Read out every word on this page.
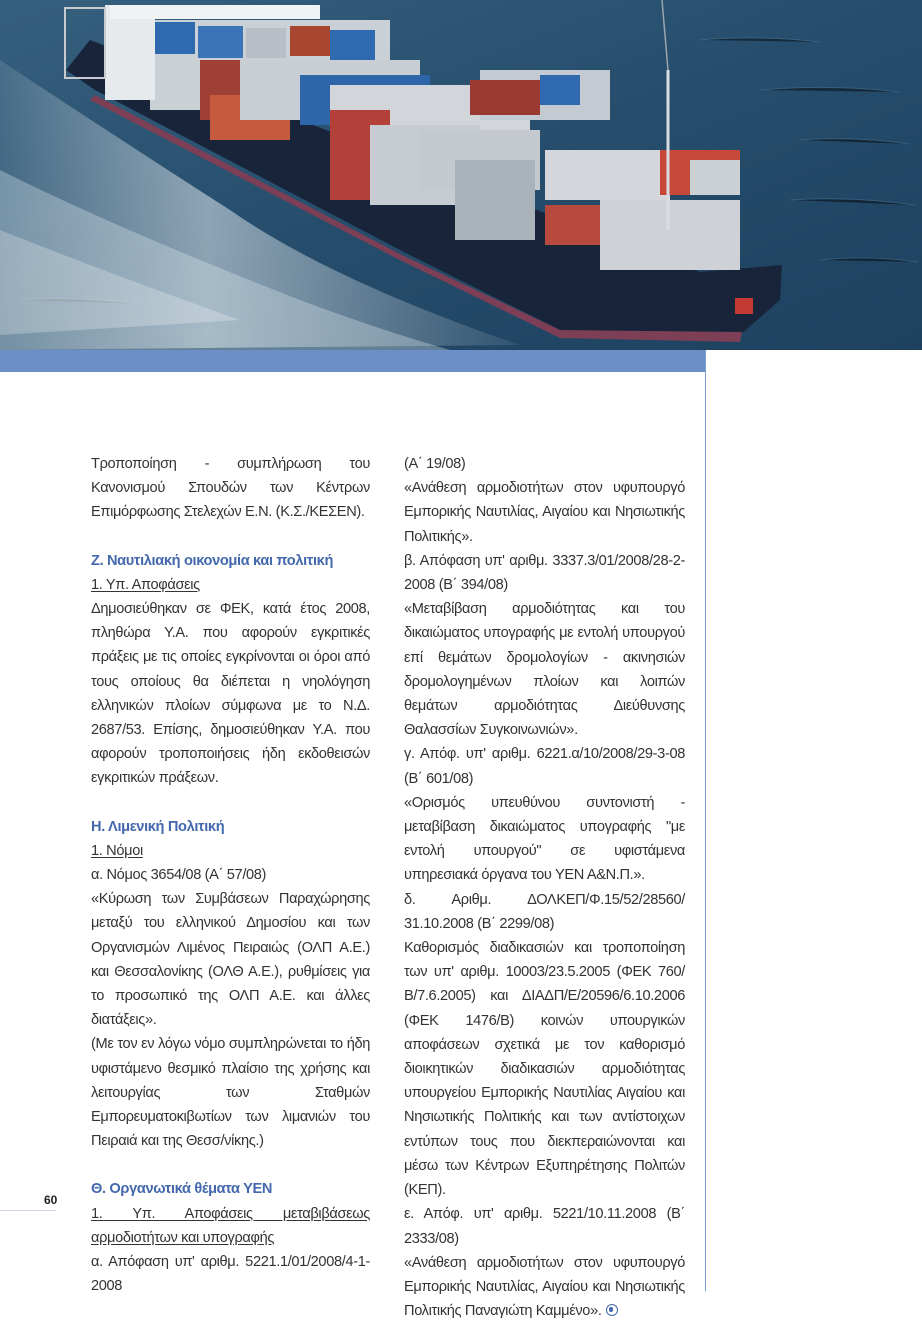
Τροποποίηση - συμπλήρωση του Κανονισμού Σπουδών των Κέντρων Επιμόρφωσης Στελεχών Ε.Ν. (Κ.Σ./ΚΕΣΕΝ).

Ζ. Ναυτιλιακή οικονομία και πολιτική

1. Υπ. Αποφάσεις

Δημοσιεύθηκαν σε ΦΕΚ, κατά έτος 2008, πληθώρα Υ.Α. που αφορούν εγκριτικές πράξεις με τις οποίες εγκρίνονται οι όροι από τους οποίους θα διέπεται η νηολόγηση ελληνικών πλοίων σύμφωνα με το Ν.Δ. 2687/53. Επίσης, δημοσιεύθηκαν Υ.Α. που αφορούν τροποποιήσεις ήδη εκδοθεισών εγκριτικών πράξεων.

Η. Λιμενική Πολιτική

1. Νόμοι

α. Νόμος 3654/08 (Α΄ 57/08)

«Κύρωση των Συμβάσεων Παραχώρησης μεταξύ του ελληνικού Δημοσίου και των Οργανισμών Λιμένος Πειραιώς (ΟΛΠ Α.Ε.) και Θεσσαλονίκης (ΟΛΘ Α.Ε.), ρυθμίσεις για το προσωπικό της ΟΛΠ Α.Ε. και άλλες διατάξεις».

(Με τον εν λόγω νόμο συμπληρώνεται το ήδη υφιστάμενο θεσμικό πλαίσιο της χρήσης και λειτουργίας των Σταθμών Εμπορευματοκιβωτίων των λιμανιών του Πειραιά και της Θεσσ/νίκης.)

Θ. Οργανωτικά θέματα ΥΕΝ

1. Υπ. Αποφάσεις μεταβιβάσεως αρμοδιοτήτων και υπογραφής

α. Απόφαση υπ' αριθμ. 5221.1/01/2008/4-1-2008

(Α΄ 19/08)

«Ανάθεση αρμοδιοτήτων στον υφυπουργό Εμπορικής Ναυτιλίας, Αιγαίου και Νησιωτικής Πολιτικής».

β. Απόφαση υπ' αριθμ. 3337.3/01/2008/28-2-2008 (Β΄ 394/08)

«Μεταβίβαση αρμοδιότητας και του δικαιώματος υπογραφής με εντολή υπουργού επί θεμάτων δρομολογίων - ακινησιών δρομολογημένων πλοίων και λοιπών θεμάτων αρμοδιότητας Διεύθυνσης Θαλασσίων Συγκοινωνιών».

γ. Απόφ. υπ' αριθμ. 6221.α/10/2008/29-3-08 (Β΄ 601/08)

«Ορισμός υπευθύνου συντονιστή - μεταβίβαση δικαιώματος υπογραφής "με εντολή υπουργού" σε υφιστάμενα υπηρεσιακά όργανα του ΥΕΝ Α&Ν.Π.».

δ. Αριθμ. ΔΟΛΚΕΠ/Φ.15/52/28560/ 31.10.2008 (Β΄ 2299/08)

Καθορισμός διαδικασιών και τροποποίηση των υπ' αριθμ. 10003/23.5.2005 (ΦΕΚ 760/Β/7.6.2005) και ΔΙΑΔΠ/Ε/20596/6.10.2006 (ΦΕΚ 1476/Β) κοινών υπουργικών αποφάσεων σχετικά με τον καθορισμό διοικητικών διαδικασιών αρμοδιότητας υπουργείου Εμπορικής Ναυτιλίας Αιγαίου και Νησιωτικής Πολιτικής και των αντίστοιχων εντύπων τους που διεκπεραιώνονται και μέσω των Κέντρων Εξυπηρέτησης Πολιτών (ΚΕΠ).

ε. Απόφ. υπ' αριθμ. 5221/10.11.2008 (Β΄ 2333/08)

«Ανάθεση αρμοδιοτήτων στον υφυπουργό Εμπορικής Ναυτιλίας, Αιγαίου και Νησιωτικής Πολιτικής Παναγιώτη Καμμένο».

60
